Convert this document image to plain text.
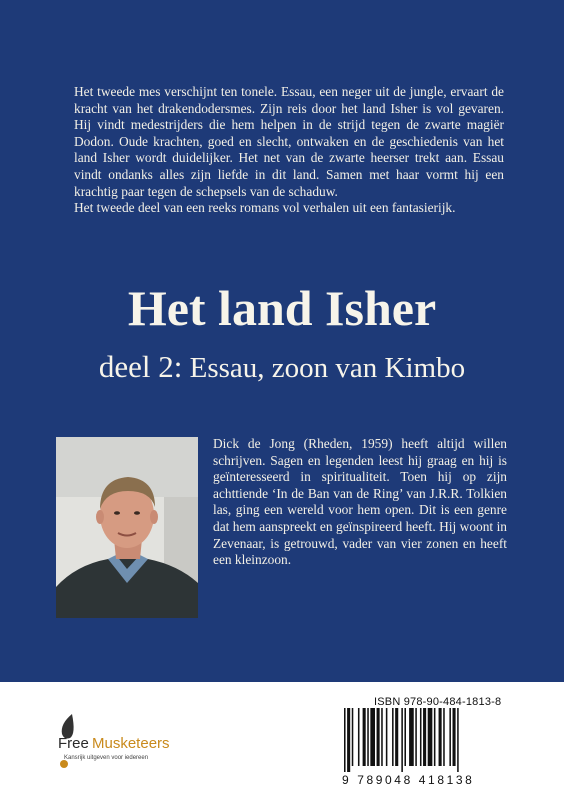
Het tweede mes verschijnt ten tonele. Essau, een neger uit de jungle, ervaart de kracht van het drakendodersmes. Zijn reis door het land Isher is vol gevaren. Hij vindt medestrijders die hem helpen in de strijd tegen de zwarte magiër Dodon. Oude krachten, goed en slecht, ontwaken en de geschiedenis van het land Isher wordt duidelijker. Het net van de zwarte heerser trekt aan. Essau vindt ondanks alles zijn liefde in dit land. Samen met haar vormt hij een krachtig paar tegen de schepsels van de schaduw.

Het tweede deel van een reeks romans vol verhalen uit een fantasierijk.

Het land Isher
deel 2: Essau, zoon van Kimbo

Dick de Jong (Rheden, 1959) heeft altijd willen schrijven. Sagen en legenden leest hij graag en hij is geïnteresseerd in spiritualiteit. Toen hij op zijn achttiende ‘In de Ban van de Ring’ van J.R.R. Tolkien las, ging een wereld voor hem open. Dit is een genre dat hem aanspreekt en geïnspireerd heeft. Hij woont in Zevenaar, is getrouwd, vader van vier zonen en heeft een kleinzoon.

Free Musketeers
Kansrijk uitgeven voor iedereen
ISBN 978-90-484-1813-8
9 789048 418138
